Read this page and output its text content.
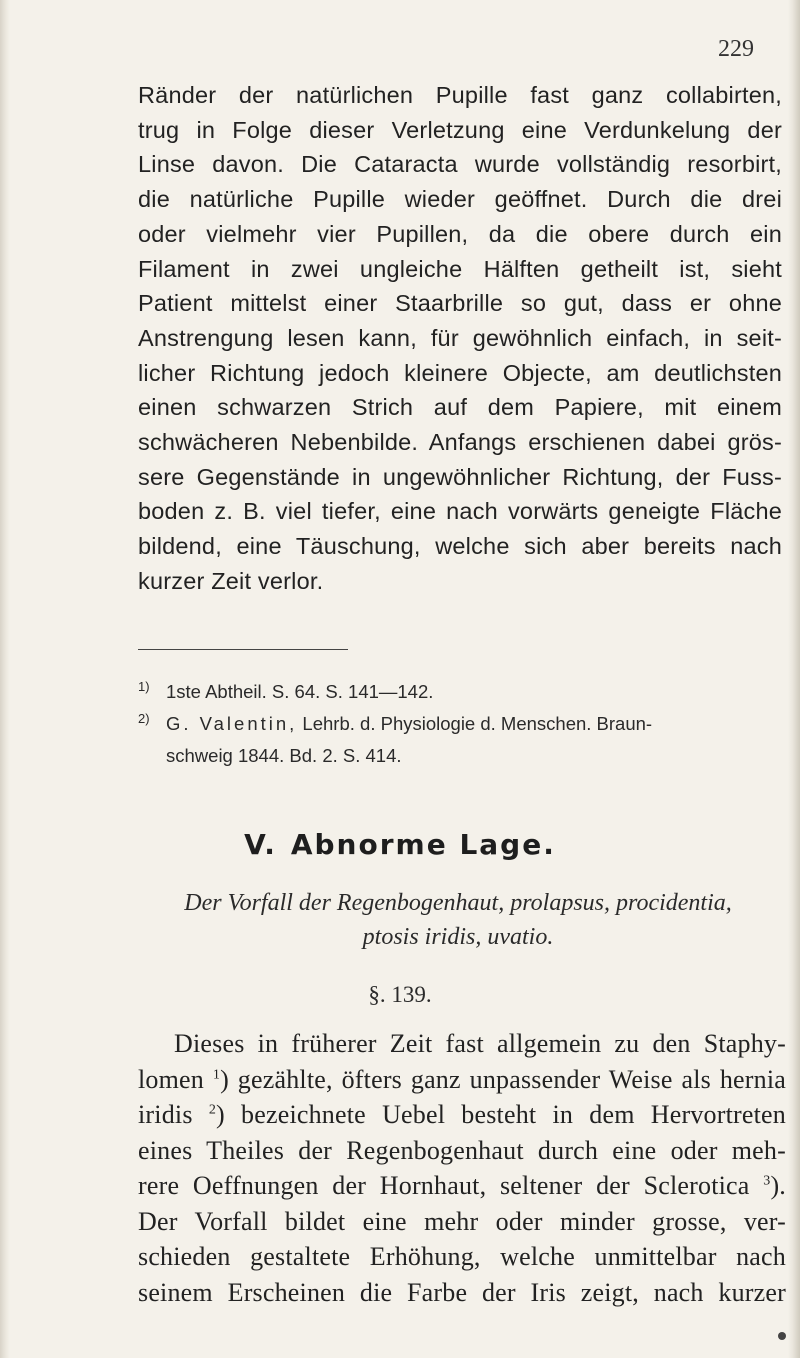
229
Ränder der natürlichen Pupille fast ganz collabirten,
trug in Folge dieser Verletzung eine Verdunkelung der
Linse davon. Die Cataracta wurde vollständig resorbirt,
die natürliche Pupille wieder geöffnet. Durch die drei
oder vielmehr vier Pupillen, da die obere durch ein
Filament in zwei ungleiche Hälften getheilt ist, sieht
Patient mittelst einer Staarbrille so gut, dass er ohne
Anstrengung lesen kann, für gewöhnlich einfach, in seit-
licher Richtung jedoch kleinere Objecte, am deutlichsten
einen schwarzen Strich auf dem Papiere, mit einem
schwächeren Nebenbilde. Anfangs erschienen dabei grös-
sere Gegenstände in ungewöhnlicher Richtung, der Fuss-
boden z. B. viel tiefer, eine nach vorwärts geneigte Fläche
bildend, eine Täuschung, welche sich aber bereits nach
kurzer Zeit verlor.
1) 1ste Abtheil. S. 64. S. 141—142.
2) G. Valentin, Lehrb. d. Physiologie d. Menschen. Braun-
schweig 1844. Bd. 2. S. 414.
V. Abnorme Lage.
Der Vorfall der Regenbogenhaut, prolapsus, procidentia,
ptosis iridis, uvatio.
§. 139.
Dieses in früherer Zeit fast allgemein zu den Staphy-
lomen $^1$) gezählte, öfters ganz unpassender Weise als hernia
iridis $^2$) bezeichnete Uebel besteht in dem Hervortreten
eines Theiles der Regenbogenhaut durch eine oder meh-
rere Oeffnungen der Hornhaut, seltener der Sclerotica $^3$).
Der Vorfall bildet eine mehr oder minder grosse, ver-
schieden gestaltete Erhöhung, welche unmittelbar nach
seinem Erscheinen die Farbe der Iris zeigt, nach kurzer
